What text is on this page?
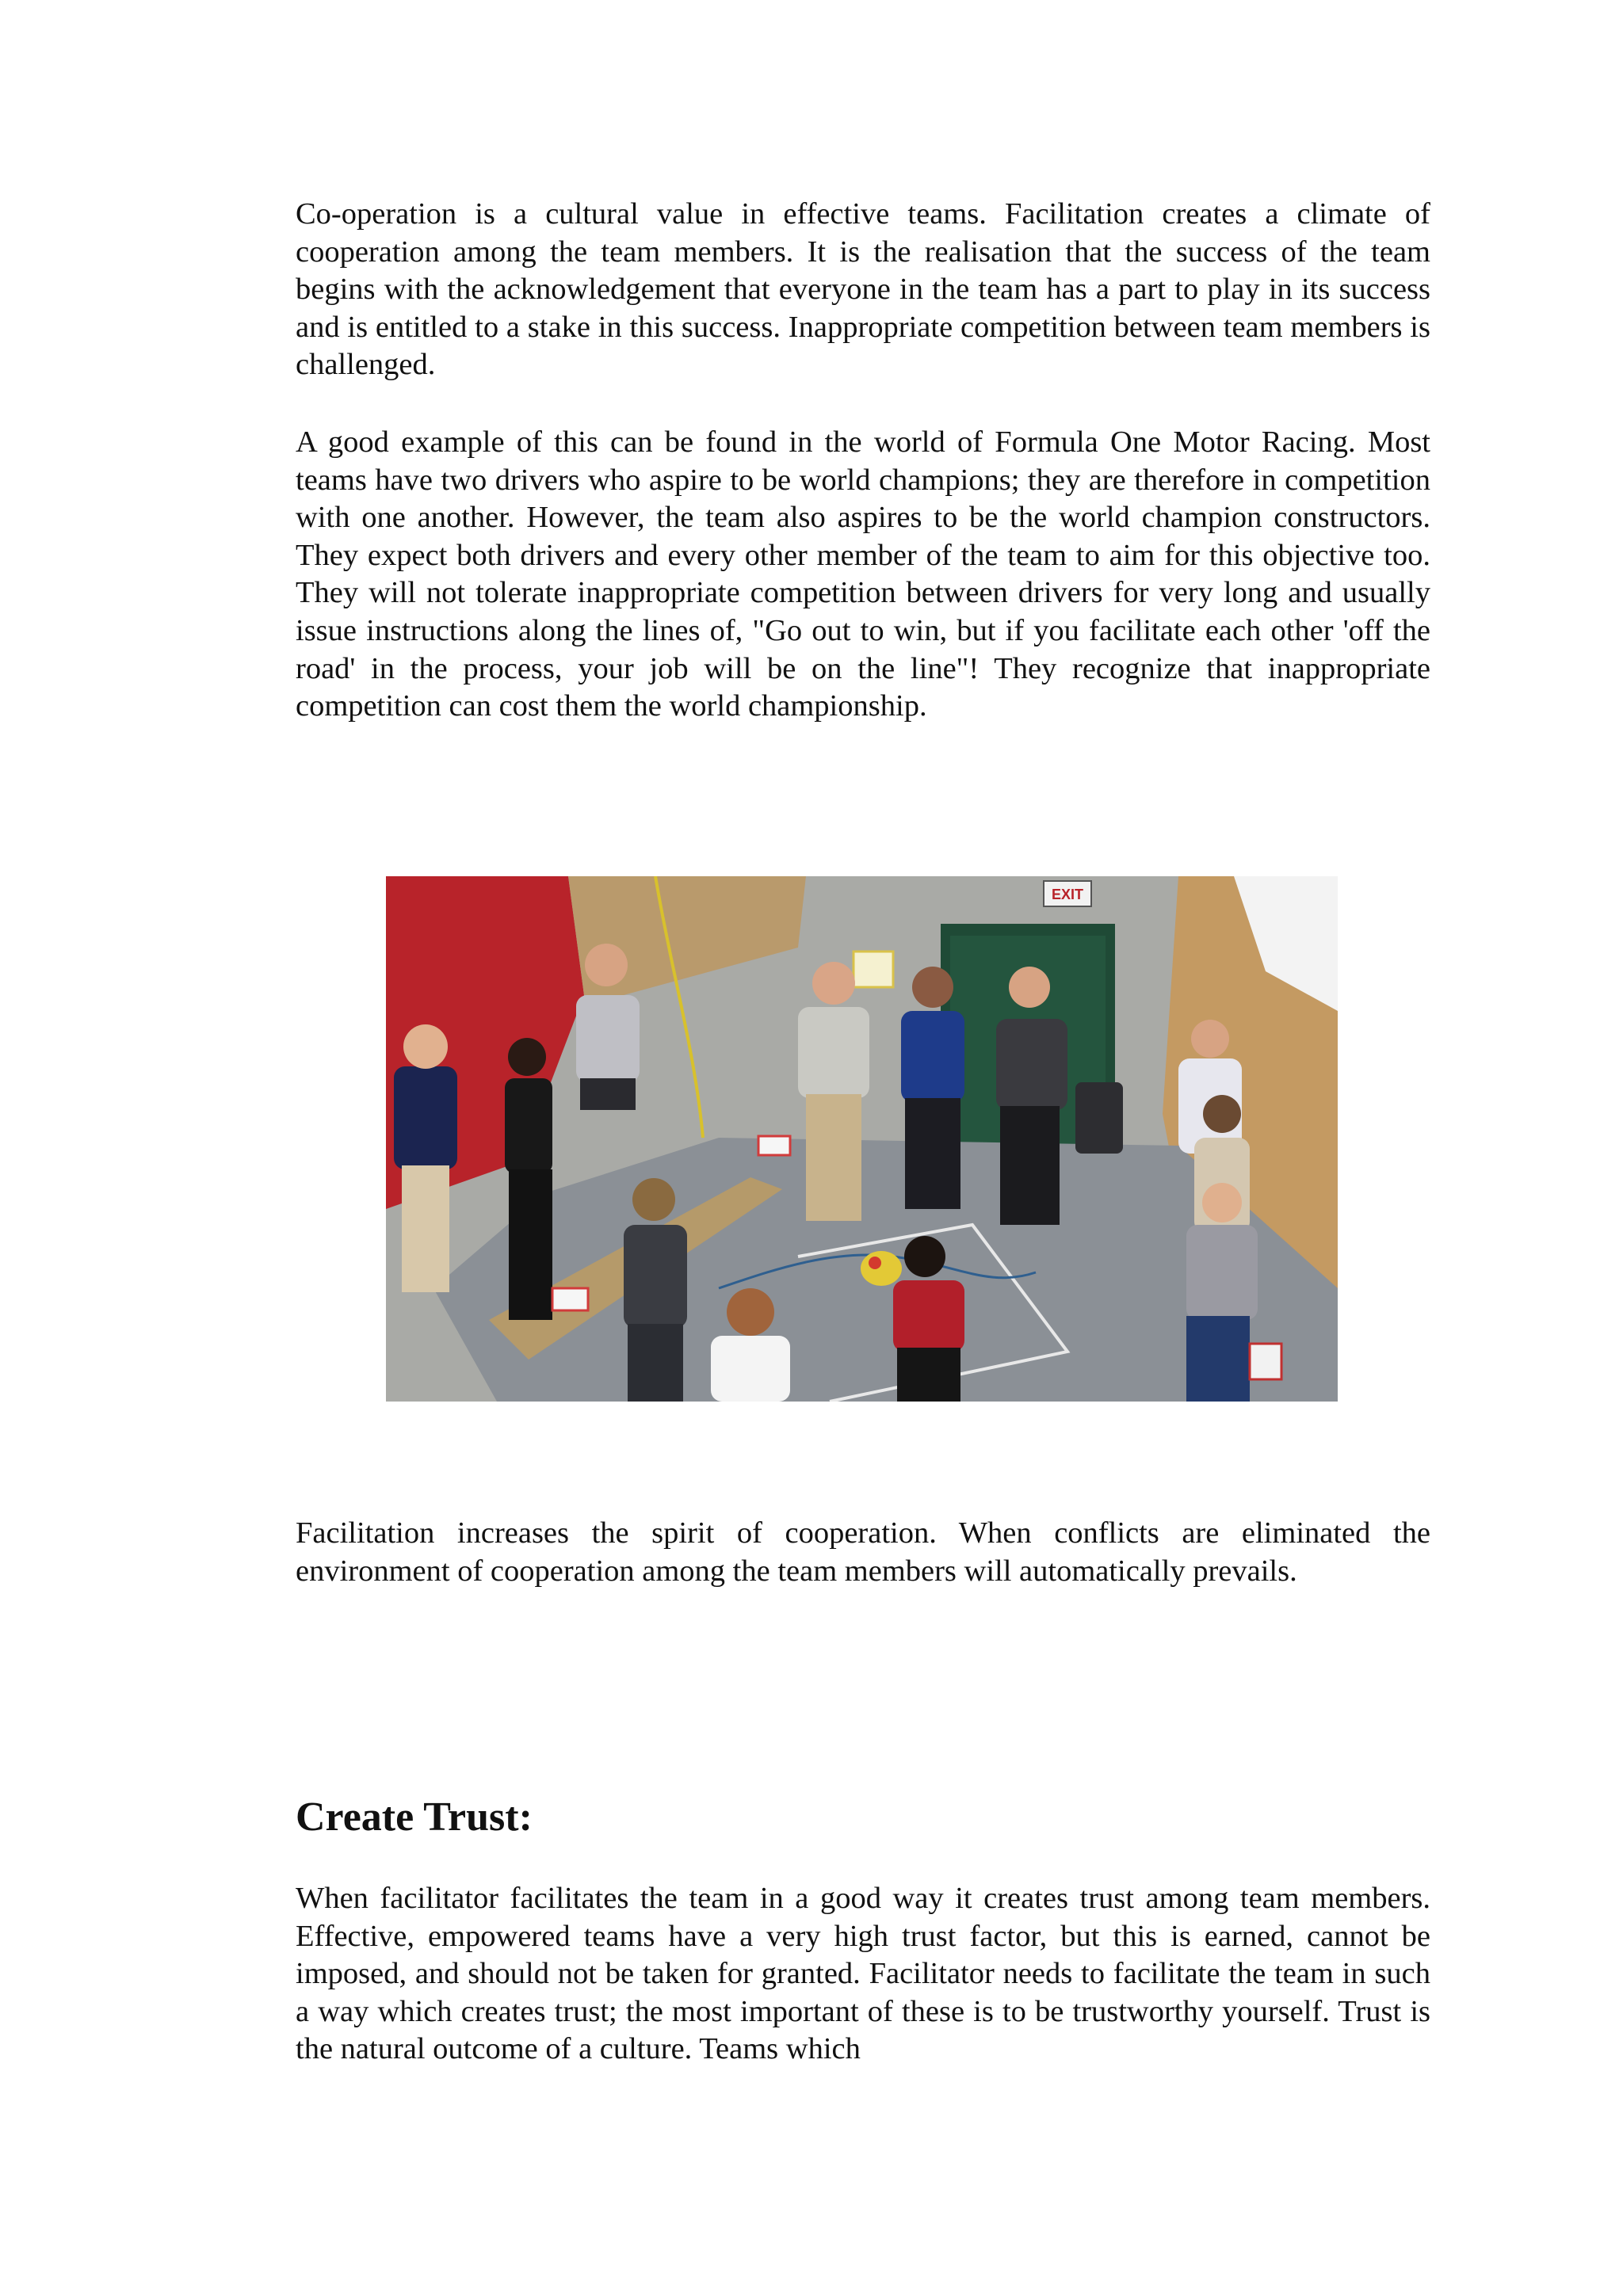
Co-operation is a cultural value in effective teams. Facilitation creates a climate of cooperation among the team members. It is the realisation that the success of the team begins with the acknowledgement that everyone in the team has a part to play in its success and is entitled to a stake in this success. Inappropriate competition between team members is challenged.

A good example of this can be found in the world of Formula One Motor Racing. Most teams have two drivers who aspire to be world champions; they are therefore in competition with one another. However, the team also aspires to be the world champion constructors. They expect both drivers and every other member of the team to aim for this objective too. They will not tolerate inappropriate competition between drivers for very long and usually issue instructions along the lines of, "Go out to win, but if you facilitate each other 'off the road' in the process, your job will be on the line"! They recognize that inappropriate competition can cost them the world championship.

EXIT

Facilitation increases the spirit of cooperation. When conflicts are eliminated the environment of cooperation among the team members will automatically prevails.

Create Trust:

When facilitator facilitates the team in a good way it creates trust among team members. Effective, empowered teams have a very high trust factor, but this is earned, cannot be imposed, and should not be taken for granted. Facilitator needs to facilitate the team in such a way which creates trust; the most important of these is to be trustworthy yourself. Trust is the natural outcome of a culture. Teams which
